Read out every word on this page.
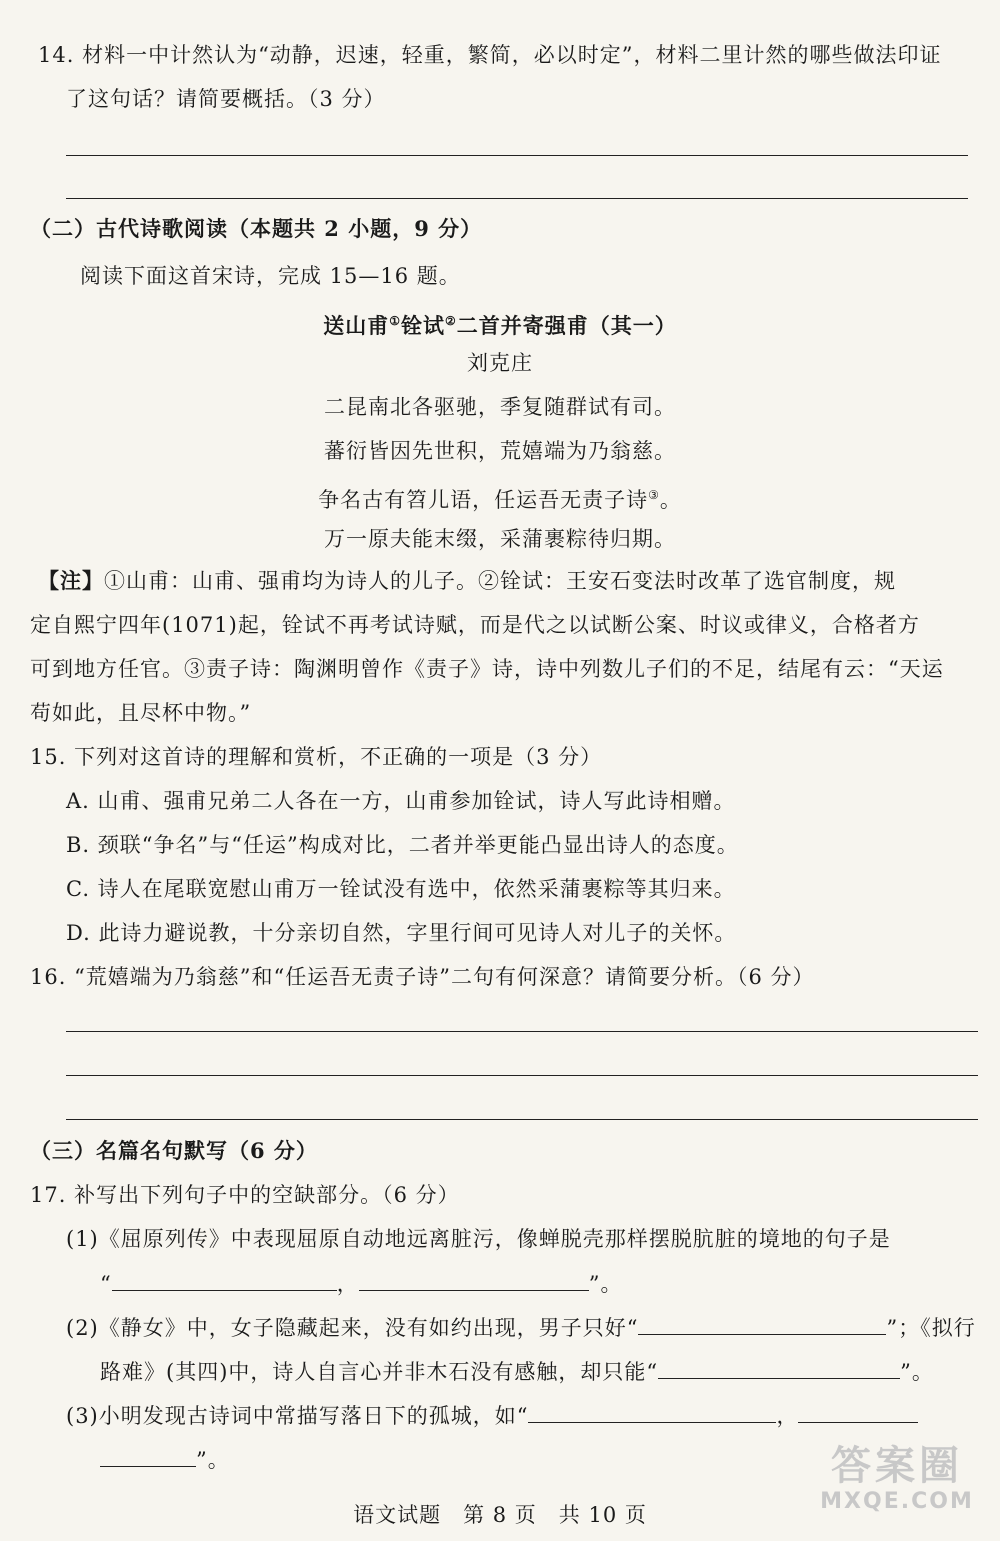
14. 材料一中计然认为“动静，迟速，轻重，繁简，必以时定”，材料二里计然的哪些做法印证
了这句话？请简要概括。（3 分）
（二）古代诗歌阅读（本题共 2 小题，9 分）
阅读下面这首宋诗，完成 15—16 题。
送山甫①铨试②二首并寄强甫（其一）
刘克庄
二昆南北各驱驰，季复随群试有司。
蕃衍皆因先世积，荒嬉端为乃翁慈。
争名古有笤儿语，任运吾无责子诗③。
万一原夫能末缀，采蒲裹粽待归期。
【注】①山甫：山甫、强甫均为诗人的儿子。②铨试：王安石变法时改革了选官制度，规
定自熙宁四年(1071)起，铨试不再考试诗赋，而是代之以试断公案、时议或律义，合格者方
可到地方任官。③责子诗：陶渊明曾作《责子》诗，诗中列数儿子们的不足，结尾有云：“天运
苟如此，且尽杯中物。”
15. 下列对这首诗的理解和赏析，不正确的一项是（3 分）
A. 山甫、强甫兄弟二人各在一方，山甫参加铨试，诗人写此诗相赠。
B. 颈联“争名”与“任运”构成对比，二者并举更能凸显出诗人的态度。
C. 诗人在尾联宽慰山甫万一铨试没有选中，依然采蒲裹粽等其归来。
D. 此诗力避说教，十分亲切自然，字里行间可见诗人对儿子的关怀。
16. “荒嬉端为乃翁慈”和“任运吾无责子诗”二句有何深意？请简要分析。（6 分）
（三）名篇名句默写（6 分）
17. 补写出下列句子中的空缺部分。（6 分）
(1)《屈原列传》中表现屈原自动地远离脏污，像蝉脱壳那样摆脱肮脏的境地的句子是
“	，	”。
(2)《静女》中，女子隐藏起来，没有如约出现，男子只好“	”；《拟行
路难》(其四)中，诗人自言心并非木石没有感触，却只能“	”。
(3)小明发现古诗词中常描写落日下的孤城，如“	，
”。
语文试题　第 8 页　共 10 页
答案圈
MXQE.COM
